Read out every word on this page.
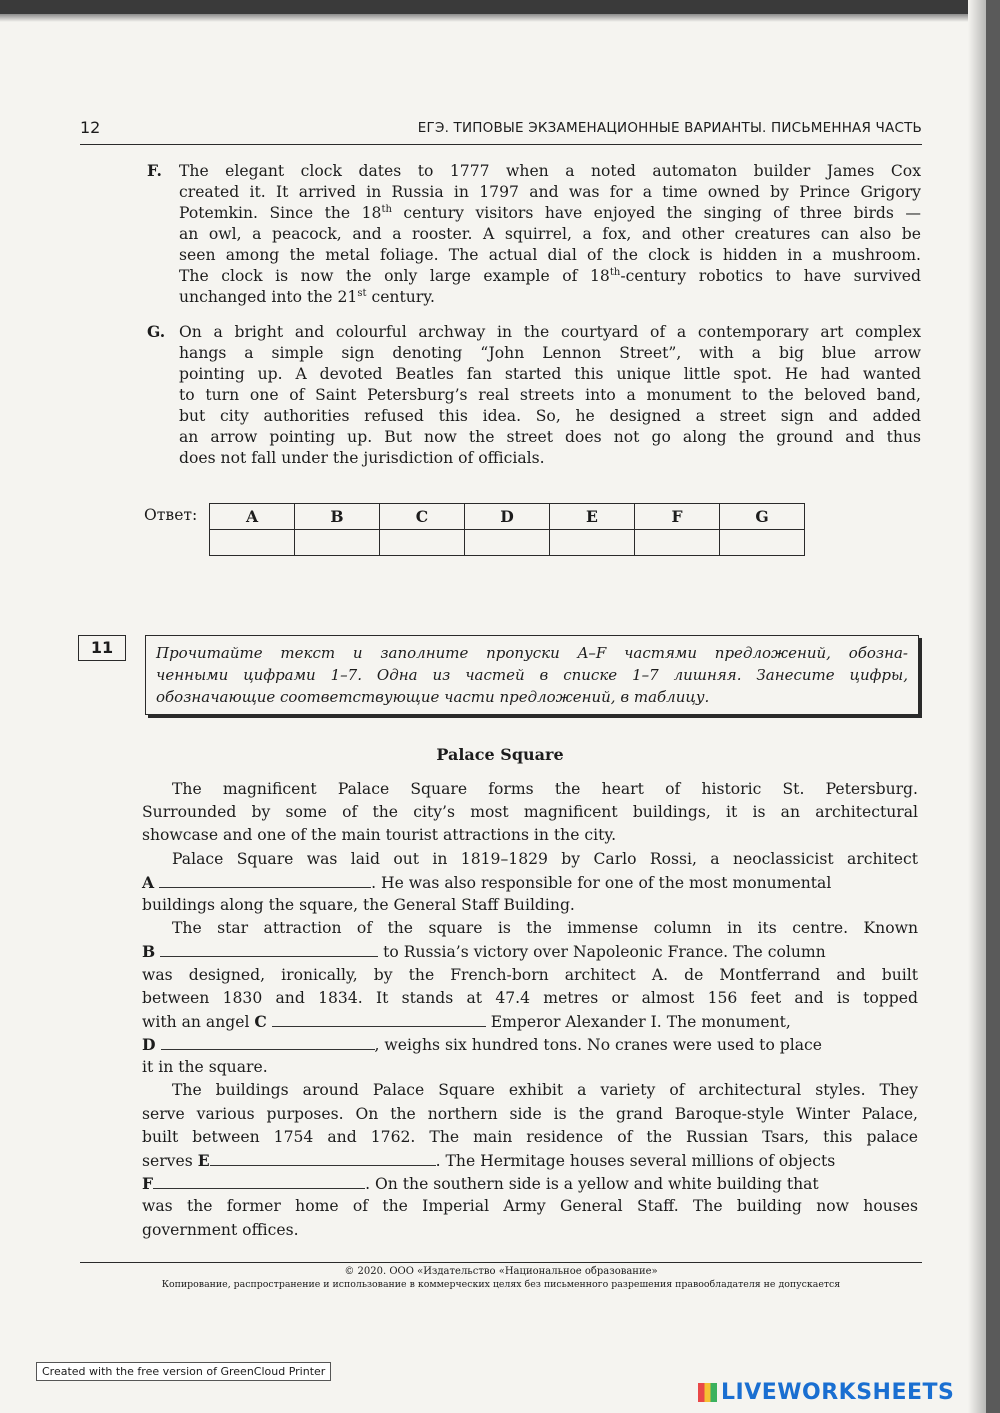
12	ЕГЭ. ТИПОВЫЕ ЭКЗАМЕНАЦИОННЫЕ ВАРИАНТЫ. ПИСЬМЕННАЯ ЧАСТЬ
F. The elegant clock dates to 1777 when a noted automaton builder James Cox
created it. It arrived in Russia in 1797 and was for a time owned by Prince Grigory
Potemkin. Since the 18th century visitors have enjoyed the singing of three birds —
an owl, a peacock, and a rooster. A squirrel, a fox, and other creatures can also be
seen among the metal foliage. The actual dial of the clock is hidden in a mushroom.
The clock is now the only large example of 18th-century robotics to have survived
unchanged into the 21st century.
G. On a bright and colourful archway in the courtyard of a contemporary art complex
hangs a simple sign denoting “John Lennon Street”, with a big blue arrow
pointing up. A devoted Beatles fan started this unique little spot. He had wanted
to turn one of Saint Petersburg’s real streets into a monument to the beloved band,
but city authorities refused this idea. So, he designed a street sign and added
an arrow pointing up. But now the street does not go along the ground and thus
does not fall under the jurisdiction of officials.
Ответ:	A	B	C	D	E	F	G

11	Прочитайте текст и заполните пропуски A–F частями предложений, обозна-
ченными цифрами 1–7. Одна из частей в списке 1–7 лишняя. Занесите цифры,
обозначающие соответствующие части предложений, в таблицу.
Palace Square
The magnificent Palace Square forms the heart of historic St. Petersburg.
Surrounded by some of the city’s most magnificent buildings, it is an architectural
showcase and one of the main tourist attractions in the city.
Palace Square was laid out in 1819–1829 by Carlo Rossi, a neoclassicist architect
A	. He was also responsible for one of the most monumental
buildings along the square, the General Staff Building.
The star attraction of the square is the immense column in its centre. Known
B	to Russia’s victory over Napoleonic France. The column
was designed, ironically, by the French-born architect A. de Montferrand and built
between 1830 and 1834. It stands at 47.4 metres or almost 156 feet and is topped
with an angel C	Emperor Alexander I. The monument,
D	, weighs six hundred tons. No cranes were used to place
it in the square.
The buildings around Palace Square exhibit a variety of architectural styles. They
serve various purposes. On the northern side is the grand Baroque-style Winter Palace,
built between 1754 and 1762. The main residence of the Russian Tsars, this palace
serves E	. The Hermitage houses several millions of objects
F	. On the southern side is a yellow and white building that
was the former home of the Imperial Army General Staff. The building now houses
government offices.
© 2020. ООО «Издательство «Национальное образование»
Копирование, распространение и использование в коммерческих целях без письменного разрешения правообладателя не допускается
Created with the free version of GreenCloud Printer
LIVEWORKSHEETS
